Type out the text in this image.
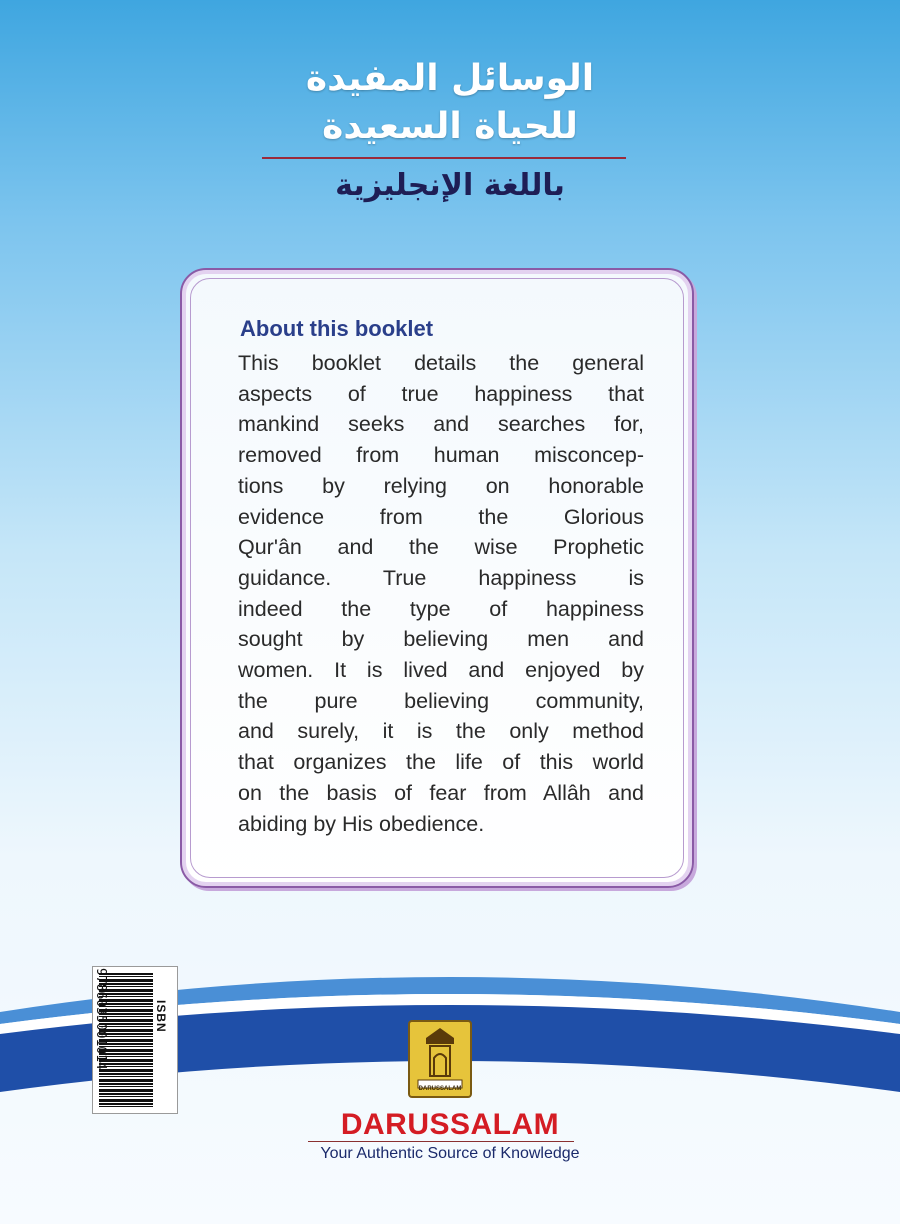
الوسائل المفيدة
للحياة السعيدة
باللغة الإنجليزية
About this booklet
This booklet details the general
aspects of true happiness that
mankind seeks and searches for,
removed from human misconcep-
tions by relying on honorable
evidence from the Glorious
Qur'ân and the wise Prophetic
guidance. True happiness is
indeed the type of happiness
sought by believing men and
women. It is lived and enjoyed by
the pure believing community,
and surely, it is the only method
that organizes the life of this world
on the basis of fear from Allâh and
abiding by His obedience.
ISBN
9786035001014
DARUSSALAM
DARUSSALAM
Your Authentic Source of Knowledge
